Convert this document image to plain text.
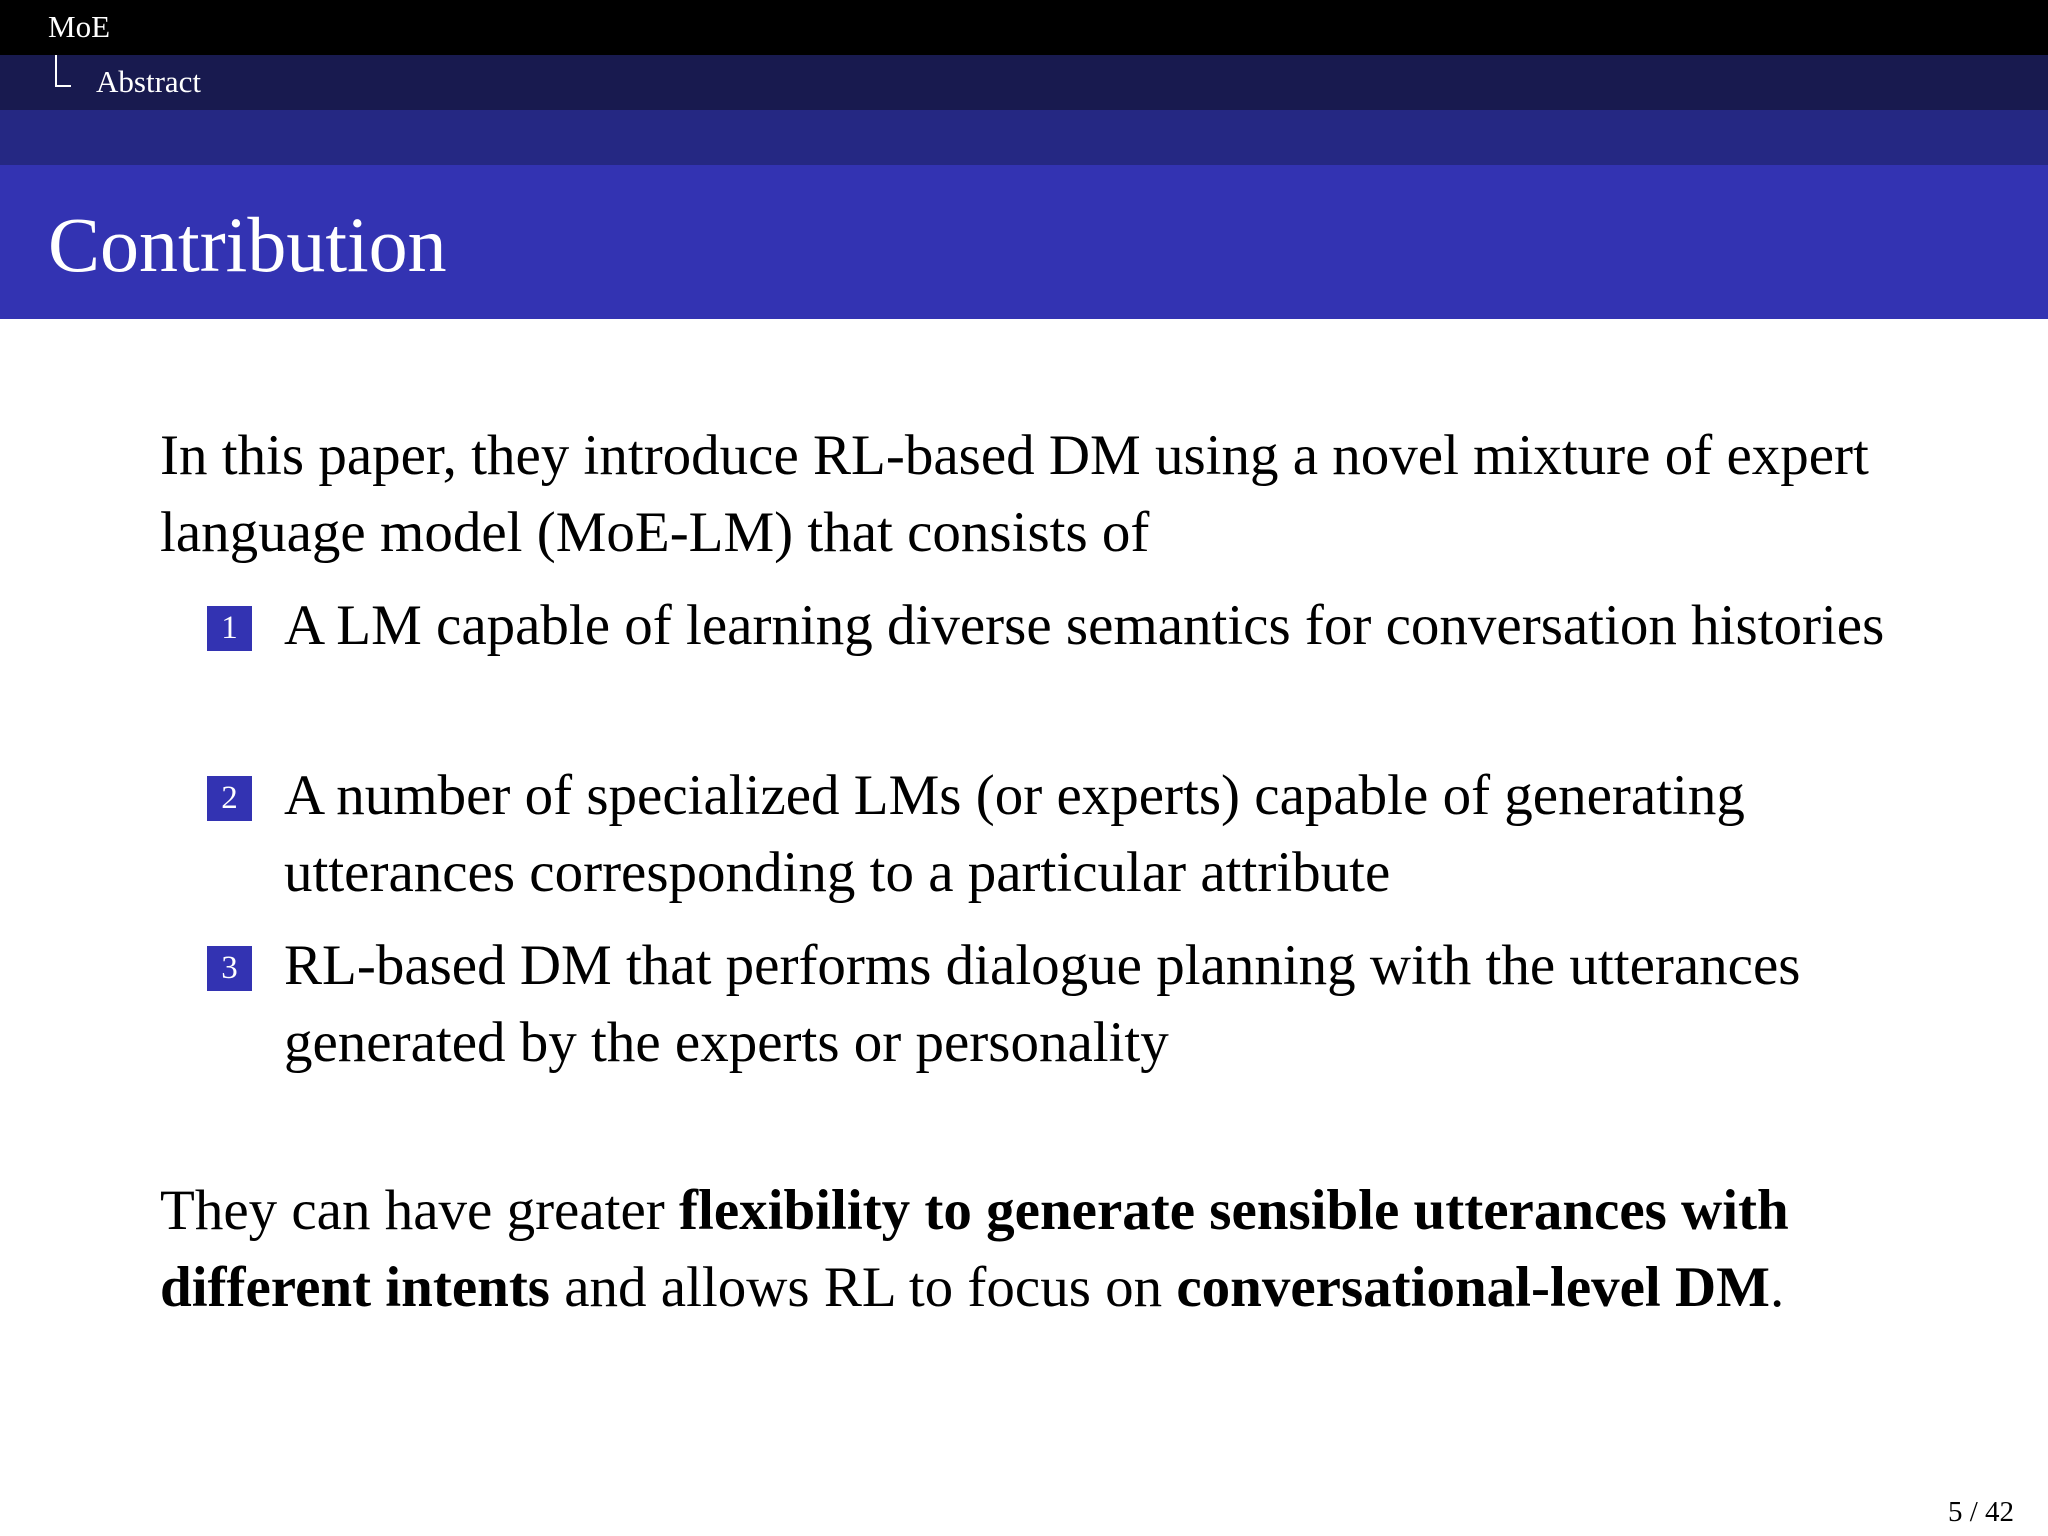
MoE
Abstract
Contribution
In this paper, they introduce RL-based DM using a novel mixture of expert language model (MoE-LM) that consists of
1 A LM capable of learning diverse semantics for conversation histories
2 A number of specialized LMs (or experts) capable of generating utterances corresponding to a particular attribute
3 RL-based DM that performs dialogue planning with the utterances generated by the experts or personality
They can have greater flexibility to generate sensible utterances with different intents and allows RL to focus on conversational-level DM.
5 / 42
